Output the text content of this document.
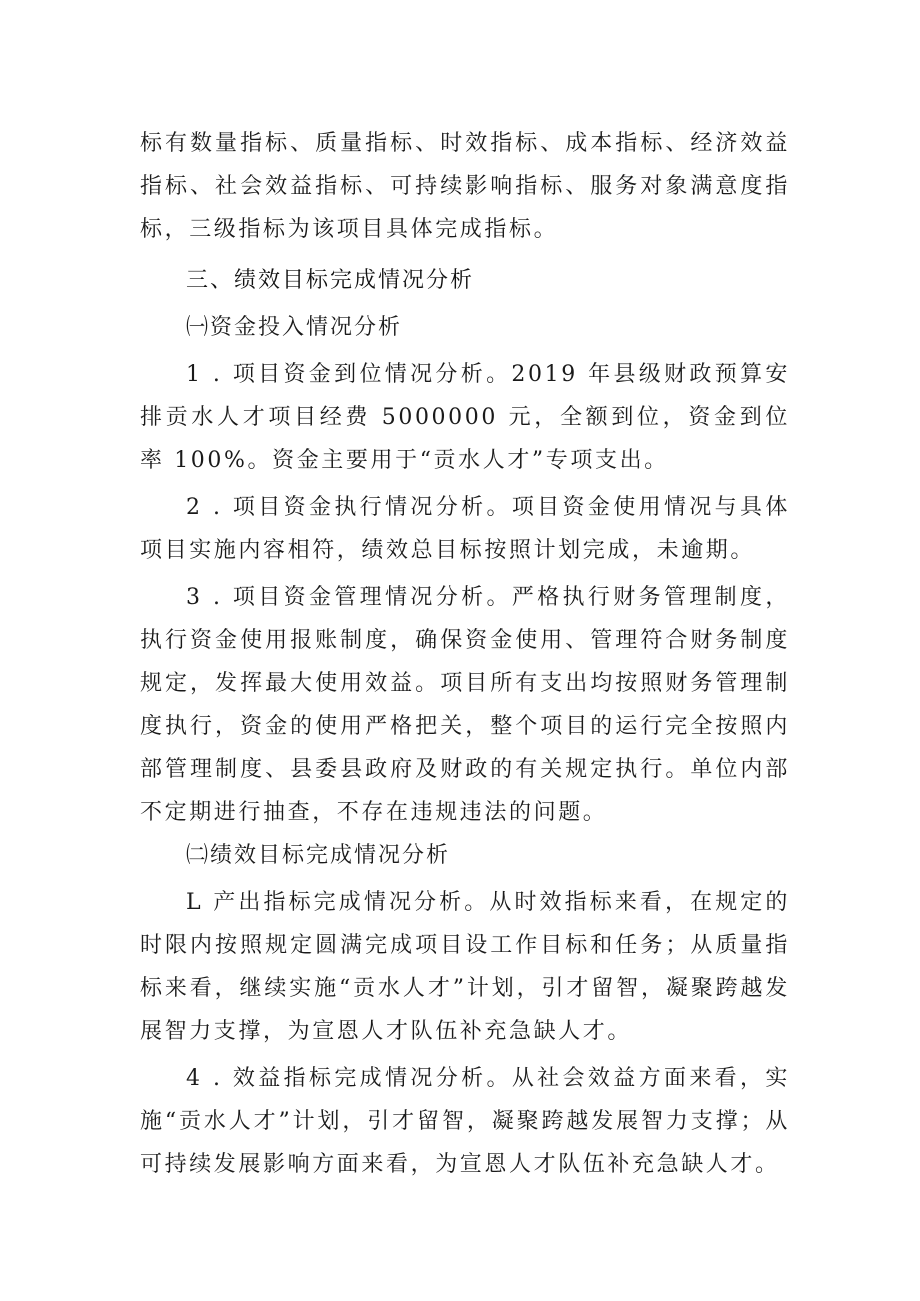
标有数量指标、质量指标、时效指标、成本指标、经济效益指标、社会效益指标、可持续影响指标、服务对象满意度指标，三级指标为该项目具体完成指标。

三、绩效目标完成情况分析

㈠资金投入情况分析

1 . 项目资金到位情况分析。2019 年县级财政预算安排贡水人才项目经费 5000000 元，全额到位，资金到位率 100%。资金主要用于“贡水人才”专项支出。

2 . 项目资金执行情况分析。项目资金使用情况与具体项目实施内容相符，绩效总目标按照计划完成，未逾期。

3 . 项目资金管理情况分析。严格执行财务管理制度，执行资金使用报账制度，确保资金使用、管理符合财务制度规定，发挥最大使用效益。项目所有支出均按照财务管理制度执行，资金的使用严格把关，整个项目的运行完全按照内部管理制度、县委县政府及财政的有关规定执行。单位内部不定期进行抽查，不存在违规违法的问题。

㈡绩效目标完成情况分析

L 产出指标完成情况分析。从时效指标来看，在规定的时限内按照规定圆满完成项目设工作目标和任务；从质量指标来看，继续实施“贡水人才”计划，引才留智，凝聚跨越发展智力支撑，为宣恩人才队伍补充急缺人才。

4 . 效益指标完成情况分析。从社会效益方面来看，实施“贡水人才”计划，引才留智，凝聚跨越发展智力支撑；从可持续发展影响方面来看，为宣恩人才队伍补充急缺人才。
